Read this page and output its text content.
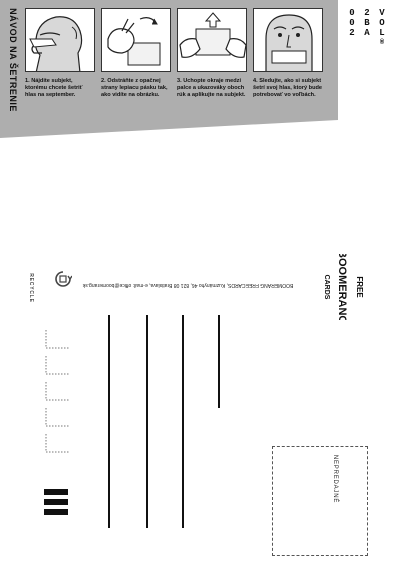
NÁVOD NA ŠETRENIE 1. Nájdite subjekt,
ktorému chcete šetriť
hlas na september.
2. Odstráňte z opačnej
strany lepiacu pásku tak,
ako vidíte na obrázku.
3. Uchopte okraje medzi
palce a ukazováky oboch
rúk a aplikujte na subjekt.
4. Sledujte, ako si subjekt
šetrí svoj hlas, ktorý bude
potrebovať vo voľbách.
V
O
L
®
2
B
A
0
0
2
RECYCLE	BOOMERANG FREECARDS, Kuzmányho 46, 821 08 Bratislava, e-mail: office@boomerang.sk	FREE
BOOMERANG
CARDS
NEPREDAJNÉ
